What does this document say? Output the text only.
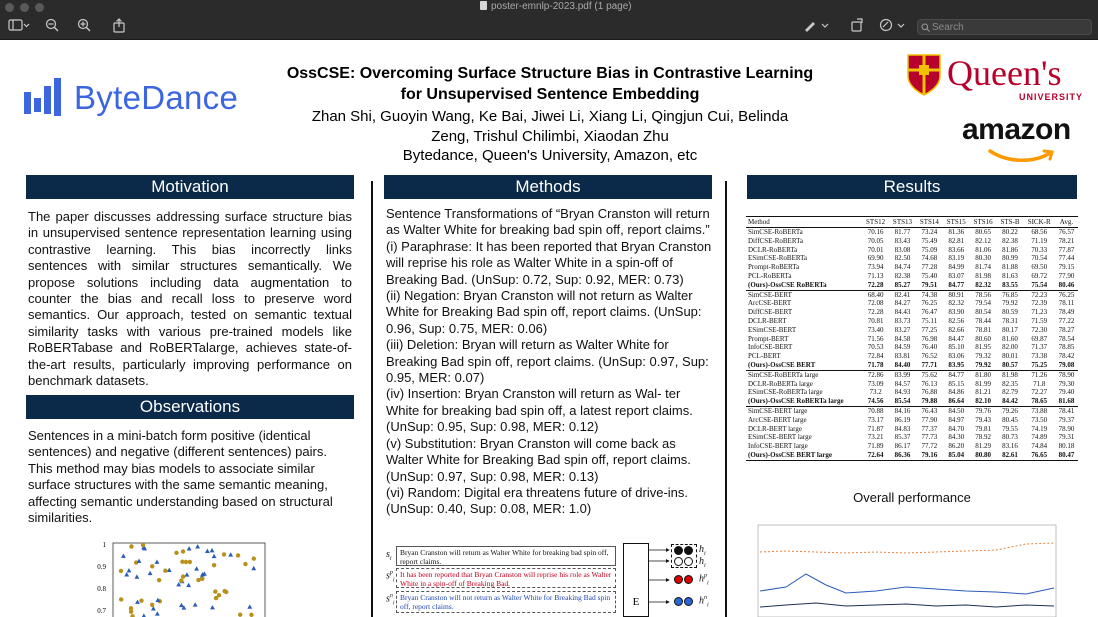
poster-emnlp-2023.pdf (1 page)
Search
ByteDance
OssCSE: Overcoming Surface Structure Bias in Contrastive Learning for Unsupervised Sentence Embedding
Zhan Shi, Guoyin Wang, Ke Bai, Jiwei Li, Xiang Li, Qingjun Cui, Belinda Zeng, Trishul Chilimbi, Xiaodan Zhu
Bytedance, Queen's University, Amazon, etc
Queen's
UNIVERSITY
amazon
Motivation
The paper discusses addressing surface structure bias in unsupervised sentence representation learning using contrastive learning. This bias incorrectly links sentences with similar structures semantically. We propose solutions including data augmentation to counter the bias and recall loss to preserve word semantics. Our approach, tested on semantic textual similarity tasks with various pre-trained models like RoBERTabase and RoBERTalarge, achieves state-of-the-art results, particularly improving performance on benchmark datasets.
Observations
Sentences in a mini-batch form positive (identical sentences) and negative (different sentences) pairs. This method may bias models to associate similar surface structures with the same semantic meaning, affecting semantic understanding based on structural similarities.
1
0.9
0.8
0.7
Methods

Sentence Transformations of “Bryan Cranston will return as Walter White for breaking bad spin off, report claims.”

(i) Paraphrase: It has been reported that Bryan Cranston will reprise his role as Walter White in a spin-off of Breaking Bad. (UnSup: 0.72, Sup: 0.92, MER: 0.73)

(ii) Negation: Bryan Cranston will not return as Walter White for Breaking Bad spin off, report claims. (UnSup: 0.96, Sup: 0.75, MER: 0.06)

(iii) Deletion: Bryan will return as Walter White for Breaking Bad spin off, report claims. (UnSup: 0.97, Sup: 0.95, MER: 0.07)

(iv) Insertion: Bryan Cranston will return as Wal- ter White for breaking bad spin off, a latest report claims. (UnSup: 0.95, Sup: 0.98, MER: 0.12)

(v) Substitution: Bryan Cranston will come back as Walter White for Breaking Bad spin off, report claims. (UnSup: 0.97, Sup: 0.98, MER: 0.13)

(vi) Random: Digital era threatens future of drive-ins.(UnSup: 0.40, Sup: 0.08, MER: 1.0)

$s_i$
$s^p_i$
$s^n_i$
Bryan Cranston will return as Walter White for breaking bad spin off, report claims.
It has been reported that Bryan Cranston will reprise his role as Walter White in a spin-off of Breaking Bad.
Bryan Cranston will not return as Walter White for Breaking Bad spin off, report claims.	E
$h_i$
$h_i$
$h^p_i$
$h^n_i$
Results
Method	STS12	STS13	STS14	STS15	STS16	STS-B	SICK-R	Avg.
SimCSE-RoBERTa	70.16	81.77	73.24	81.36	80.65	80.22	68.56	76.57
DiffCSE-RoBERTa	70.05	83.43	75.49	82.81	82.12	82.38	71.19	78.21
DCLR-RoBERTa	70.01	83.08	75.09	83.66	81.06	81.86	70.33	77.87
ESimCSE-RoBERTa	69.90	82.50	74.68	83.19	80.30	80.99	70.54	77.44
Prompt-RoBERTa	73.94	84.74	77.28	84.99	81.74	81.88	69.50	79.15
PCL-RoBERTa	71.13	82.38	75.40	83.07	81.98	81.63	69.72	77.90
(Ours)-OssCSE RoBERTa	72.28	85.27	79.51	84.77	82.32	83.55	75.54	80.46
SimCSE-BERT	68.40	82.41	74.38	80.91	78.56	76.85	72.23	76.25
ArcCSE-BERT	72.08	84.27	76.25	82.32	79.54	79.92	72.39	78.11
DiffCSE-BERT	72.28	84.43	76.47	83.90	80.54	80.59	71.23	78.49
DCLR-BERT	70.81	83.73	75.11	82.56	78.44	78.31	71.59	77.22
ESimCSE-BERT	73.40	83.27	77.25	82.66	78.81	80.17	72.30	78.27
Prompt-BERT	71.56	84.58	76.98	84.47	80.60	81.60	69.87	78.54
InfoCSE-BERT	70.53	84.59	76.40	85.10	81.95	82.00	71.37	78.85
PCL-BERT	72.84	83.81	76.52	83.06	79.32	80.01	73.38	78.42
(Ours)-OssCSE BERT	71.78	84.40	77.71	83.95	79.92	80.57	75.25	79.08
SimCSE-RoBERTa large	72.86	83.99	75.62	84.77	81.80	81.98	71.26	78.90
DCLR-RoBERTa large	73.09	84.57	76.13	85.15	81.99	82.35	71.8	79.30
ESimCSE-RoBERTa large	73.2	84.93	76.88	84.86	81.21	82.79	72.27	79.40
(Ours)-OssCSE RoBERTa large	74.56	85.54	79.88	86.64	82.10	84.42	78.65	81.68
SimCSE-BERT large	70.88	84.16	76.43	84.50	79.76	79.26	73.88	78.41
ArcCSE-BERT large	73.17	86.19	77.90	84.97	79.43	80.45	73.50	79.37
DCLR-BERT large	71.87	84.83	77.37	84.70	79.81	79.55	74.19	78.90
ESimCSE-BERT large	73.21	85.37	77.73	84.30	78.92	80.73	74.89	79.31
InfoCSE-BERT large	71.89	86.17	77.72	86.20	81.29	83.16	74.84	80.18
(Ours)-OssCSE BERT large	72.64	86.36	79.16	85.04	80.80	82.61	76.65	80.47
Overall performance
